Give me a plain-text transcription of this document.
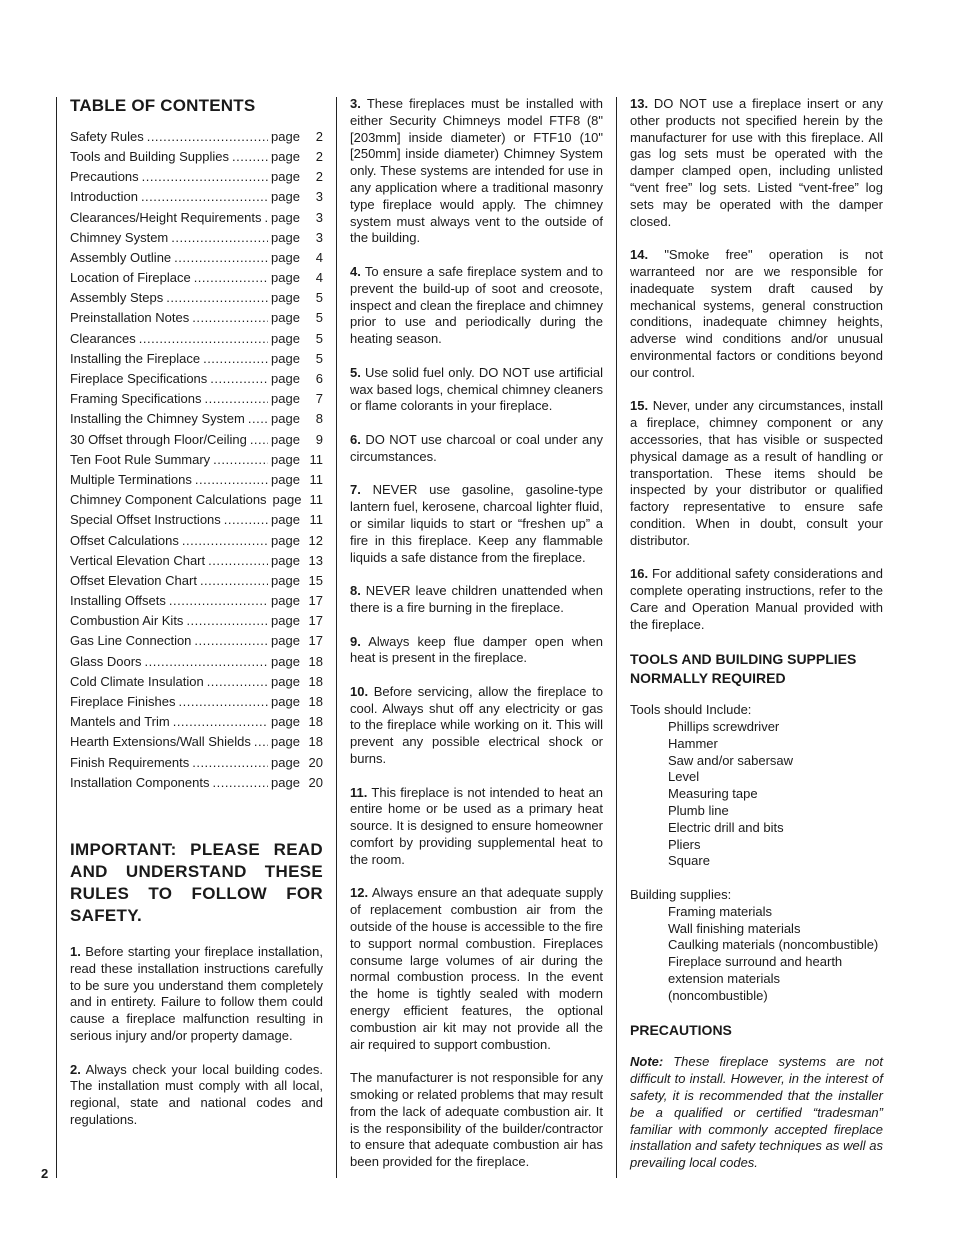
2
TABLE OF CONTENTS
Safety Rules .....	page	2
Tools and Building Supplies .....	page	2
Precautions .....	page	2
Introduction .....	page	3
Clearances/Height Requirements ..... page	3
Chimney System .....	page	3
Assembly Outline .....	page	4
Location of Fireplace .....	page	4
Assembly Steps .....	page	5
Preinstallation Notes .....	page	5
Clearances .....	page	5
Installing the Fireplace .....	page	5
Fireplace Specifications .....	page	6
Framing Specifications .....	page	7
Installing the Chimney System ..... page	8
30 Offset through Floor/Ceiling ..... page	9
Ten Foot Rule Summary .....	page 11
Multiple Terminations .....	page 11
Chimney Component Calculations page 11
Special Offset Instructions .....	page 11
Offset Calculations .....	page 12
Vertical Elevation Chart .....	page 13
Offset Elevation Chart .....	page 15
Installing Offsets .....	page 17
Combustion Air Kits .....	page 17
Gas Line Connection .....	page 17
Glass Doors .....	page 18
Cold Climate Insulation .....	page 18
Fireplace Finishes .....	page 18
Mantels and Trim .....	page 18
Hearth Extensions/Wall Shields ..... page 18
Finish Requirements .....	page 20
Installation Components .....	page 20
IMPORTANT: PLEASE READ AND UNDERSTAND THESE RULES TO FOLLOW FOR SAFETY.

1. Before starting your fireplace installation, read these installation instructions carefully to be sure you understand them completely and in entirety. Failure to follow them could cause a fireplace malfunction resulting in serious injury and/or property damage.

2. Always check your local building codes. The installation must comply with all local, regional, state and national codes and regulations.

3. These fireplaces must be installed with either Security Chimneys model FTF8 (8" [203mm] inside diameter) or FTF10 (10" [250mm] inside diameter) Chimney System only. These systems are intended for use in any application where a traditional masonry type fireplace would apply. The chimney system must always vent to the outside of the building.

4. To ensure a safe fireplace system and to prevent the build-up of soot and creosote, inspect and clean the fireplace and chimney prior to use and periodically during the heating season.

5. Use solid fuel only. DO NOT use artificial wax based logs, chemical chimney cleaners or flame colorants in your fireplace.

6. DO NOT use charcoal or coal under any circumstances.

7. NEVER use gasoline, gasoline-type lantern fuel, kerosene, charcoal lighter fluid, or similar liquids to start or “freshen up” a fire in this fireplace. Keep any flammable liquids a safe distance from the fireplace.

8. NEVER leave children unattended when there is a fire burning in the fireplace.

9. Always keep flue damper open when heat is present in the fireplace.

10. Before servicing, allow the fireplace to cool. Always shut off any electricity or gas to the fireplace while working on it. This will prevent any possible electrical shock or burns.

11. This fireplace is not intended to heat an entire home or be used as a primary heat source. It is designed to ensure homeowner comfort by providing supplemental heat to the room.

12. Always ensure an that adequate supply of replacement combustion air from the outside of the house is accessible to the fire to support normal combustion. Fireplaces consume large volumes of air during the normal combustion process. In the event the home is tightly sealed with modern energy efficient features, the optional combustion air kit may not provide all the air required to support combustion.

The manufacturer is not responsible for any smoking or related problems that may result from the lack of adequate combustion air. It is the responsibility of the builder/contractor to ensure that adequate combustion air has been provided for the fireplace.

13. DO NOT use a fireplace insert or any other products not specified herein by the manufacturer for use with this fireplace. All gas log sets must be operated with the damper clamped open, including unlisted “vent free” log sets. Listed “vent-free” log sets may be operated with the damper closed.

14. "Smoke free" operation is not warranteed nor are we responsible for inadequate system draft caused by mechanical systems, general construction conditions, inadequate chimney heights, adverse wind conditions and/or unusual environmental factors or conditions beyond our control.

15. Never, under any circumstances, install a fireplace, chimney component or any accessories, that has visible or suspected physical damage as a result of handling or transportation. These items should be inspected by your distributor or qualified factory representative to ensure safe condition. When in doubt, consult your distributor.

16. For additional safety considerations and complete operating instructions, refer to the Care and Operation Manual provided with the fireplace.

TOOLS AND BUILDING SUPPLIES NORMALLY REQUIRED

Tools should Include:

Phillips screwdriver
Hammer
Saw and/or sabersaw
Level
Measuring tape
Plumb line
Electric drill and bits
Pliers
Square

Building supplies:

Framing materials
Wall finishing materials
Caulking materials (noncombustible)
Fireplace surround and hearth extension materials (noncombustible)
PRECAUTIONS

Note: These fireplace systems are not difficult to install. However, in the interest of safety, it is recommended that the installer be a qualified or certified “tradesman” familiar with commonly accepted fireplace installation and safety techniques as well as prevailing local codes.
